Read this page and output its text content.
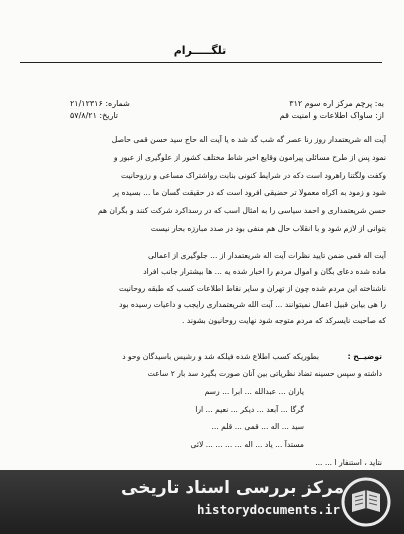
تلگـــــرام
به: پرچم مرکز اره سوم ۳۱۲
از: ساواک اطلاعات و امنیت قم
شماره: ۲۱/۱۲۳۱۶
تاریخ: ۵۷/۸/۲۱
آیت اله شریعتمدار روز رنا عصر گه شب گد شد ه یا آیت اله حاج سید حسن قمی حاصل
نمود پس از طرح مسائلی پیرامون وقایع اخیر شاط مختلف کشور از علوگیری از عبور و
وکفت ولگتنا راهرود است دکه در شرایط کنونی بنابت رواشتراک مساعی و رزوحانیت
شود و زمود به اکراه معمولا تر حضیقی افرود است که در حقیقت گسان ما ... بسیده پر
حسن شریعتمداری و احمد سیاسی را به امثال اسب که در رسداکرد شرکت کنند و بگران هم
بتوانی از لازم شود و با انقلاب حال هم منفی بود در صدد مبارزه بحار نیست
آیت اله قمی ضمن تایید نظرات آیت اله شریعتمدار از ... جلوگیری از اعمالی
ماده شده دعای بگان و اموال مردم را اخبار شده یه ... ها بیشترار جانب افراد
ناشناخته این مردم شده چون از تهران و سایر نقاط اطلاعات کسب که طبقه روحانیت
را هی بیابن قبیل اعمال نمیتوانند ... آیت الله شریعتمداری رایجب و داعیات رسیده بود
که صاحبت نایسرکد که مردم متوجه شود نهایت روحانیون بشوند .
توضیــح :
بطوریکه کسب اطلاع شده فیلکه شد و رشیس باسیدگان وحو د
داشته و سپس حسینه تضاد نظریاتی بین آنان صورت بگیرد سد بار ۲ ساعت
یاران ... عبدالله ... ابرا ... رسم
گرگا ... آبعد ... دیکر ... نعیم ... ارا
سید ... اله ... قمی ... قلم ...
مستدآ ... یاد ... اله ... ... ... ... لائی
نتاید ، استنفار ا ... ...
مرکز بررسی اسناد تاریخی
historydocuments.ir
